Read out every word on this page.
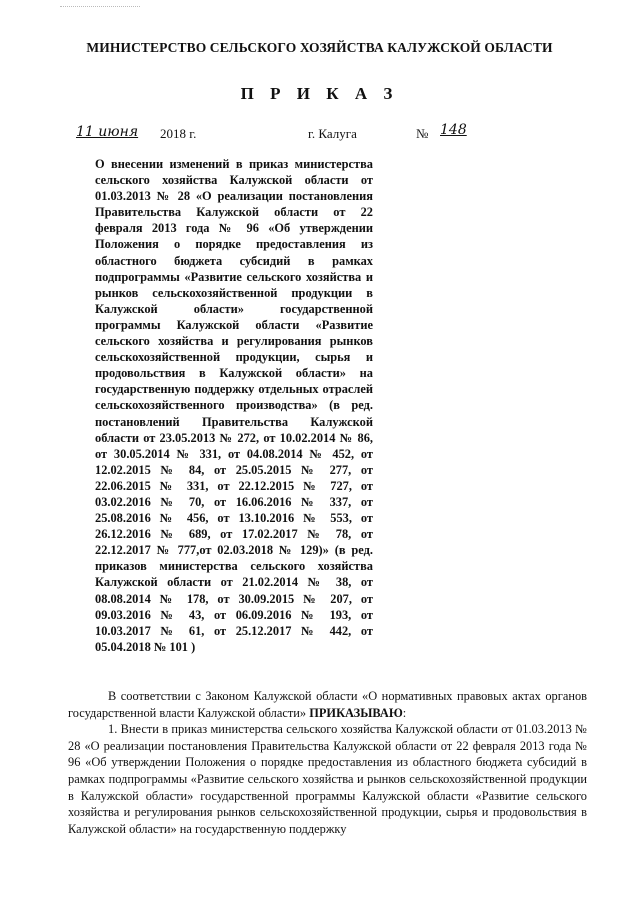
МИНИСТЕРСТВО СЕЛЬСКОГО ХОЗЯЙСТВА КАЛУЖСКОЙ ОБЛАСТИ
П Р И К А З
11 июня 2018 г.	г. Калуга	№ 148
О внесении изменений в приказ министерства сельского хозяйства Калужской области от 01.03.2013 № 28 «О реализации постановления Правительства Калужской области от 22 февраля 2013 года № 96 «Об утверждении Положения о порядке предоставления из областного бюджета субсидий в рамках подпрограммы «Развитие сельского хозяйства и рынков сельскохозяйственной продукции в Калужской области» государственной программы Калужской области «Развитие сельского хозяйства и регулирования рынков сельскохозяйственной продукции, сырья и продовольствия в Калужской области» на государственную поддержку отдельных отраслей сельскохозяйственного производства» (в ред. постановлений Правительства Калужской области от 23.05.2013 № 272, от 10.02.2014 № 86, от 30.05.2014 № 331, от 04.08.2014 № 452, от 12.02.2015 № 84, от 25.05.2015 № 277, от 22.06.2015 № 331, от 22.12.2015 № 727, от 03.02.2016 № 70, от 16.06.2016 № 337, от 25.08.2016 № 456, от 13.10.2016 № 553, от 26.12.2016 № 689, от 17.02.2017 № 78, от 22.12.2017 № 777,от 02.03.2018 № 129)» (в ред. приказов министерства сельского хозяйства Калужской области от 21.02.2014 № 38, от 08.08.2014 № 178, от 30.09.2015 № 207, от 09.03.2016 № 43, от 06.09.2016 № 193, от 10.03.2017 № 61, от 25.12.2017 № 442, от 05.04.2018 № 101 )

В соответствии с Законом Калужской области «О нормативных правовых актах органов государственной власти Калужской области» ПРИКАЗЫВАЮ:

1. Внести в приказ министерства сельского хозяйства Калужской области от 01.03.2013 № 28 «О реализации постановления Правительства Калужской области от 22 февраля 2013 года № 96 «Об утверждении Положения о порядке предоставления из областного бюджета субсидий в рамках подпрограммы «Развитие сельского хозяйства и рынков сельскохозяйственной продукции в Калужской области» государственной программы Калужской области «Развитие сельского хозяйства и регулирования рынков сельскохозяйственной продукции, сырья и продовольствия в Калужской области» на государственную поддержку
